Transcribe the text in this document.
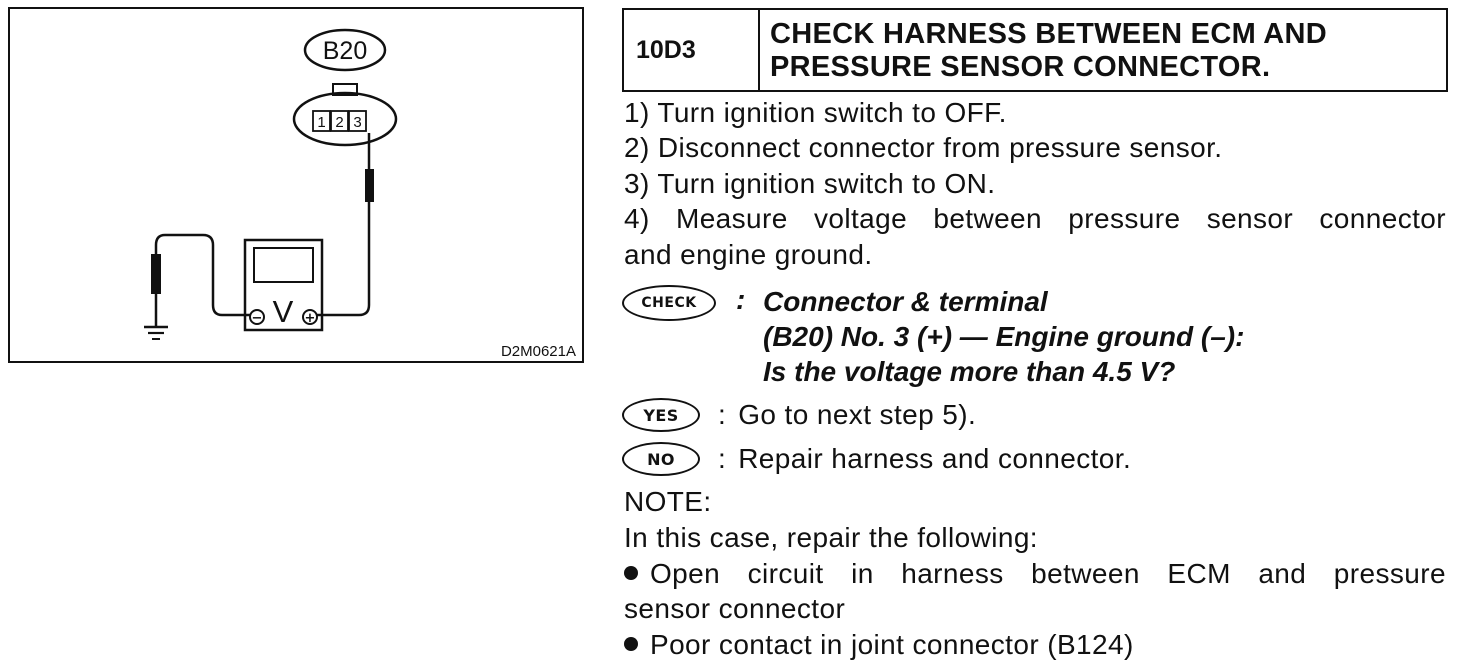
B20
1 2 3
−	+
V
D2M0621A
10D3	CHECK HARNESS BETWEEN ECM AND
PRESSURE SENSOR CONNECTOR.
1) Turn ignition switch to OFF.
2) Disconnect connector from pressure sensor.
3) Turn ignition switch to ON.
4) Measure voltage between pressure sensor connector
and engine ground.
CHECK	: Connector & terminal
(B20) No. 3 (+) — Engine ground (–):
Is the voltage more than 4.5 V?
YES	: Go to next step 5).
NO	: Repair harness and connector.
NOTE:
In this case, repair the following:
Open circuit in harness between ECM and pressure
sensor connector
Poor contact in joint connector (B124)
